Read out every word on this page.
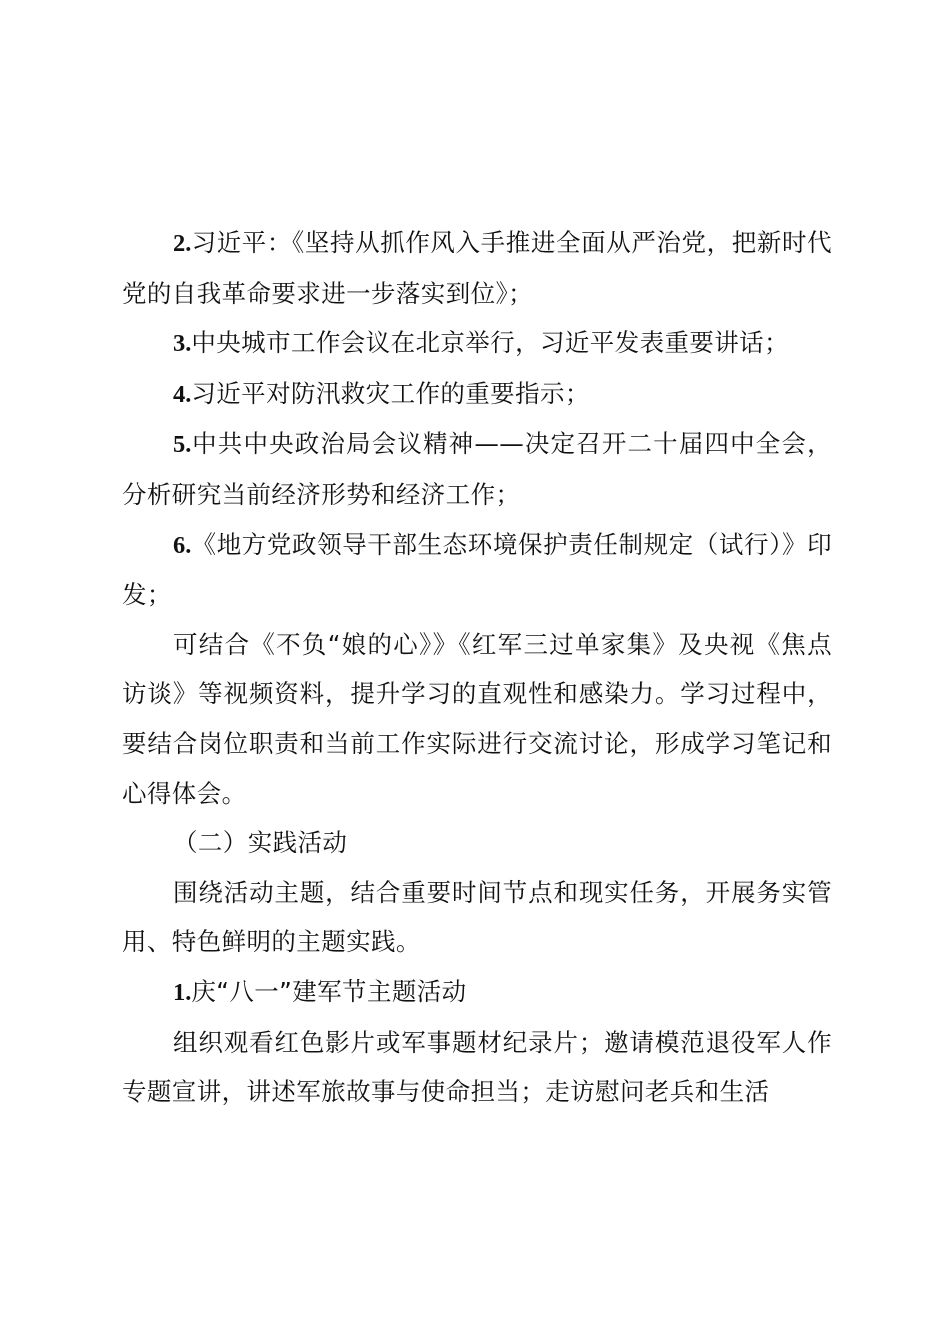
2.习近平：《坚持从抓作风入手推进全面从严治党，把新时代党的自我革命要求进一步落实到位》；

3.中央城市工作会议在北京举行，习近平发表重要讲话；

4.习近平对防汛救灾工作的重要指示；

5.中共中央政治局会议精神——决定召开二十届四中全会，分析研究当前经济形势和经济工作；

6.《地方党政领导干部生态环境保护责任制规定（试行）》印发；

可结合《不负“娘的心》》《红军三过单家集》及央视《焦点访谈》等视频资料，提升学习的直观性和感染力。学习过程中，要结合岗位职责和当前工作实际进行交流讨论，形成学习笔记和心得体会。

（二）实践活动

围绕活动主题，结合重要时间节点和现实任务，开展务实管用、特色鲜明的主题实践。

1.庆“八一”建军节主题活动

组织观看红色影片或军事题材纪录片；邀请模范退役军人作专题宣讲，讲述军旅故事与使命担当；走访慰问老兵和生活
